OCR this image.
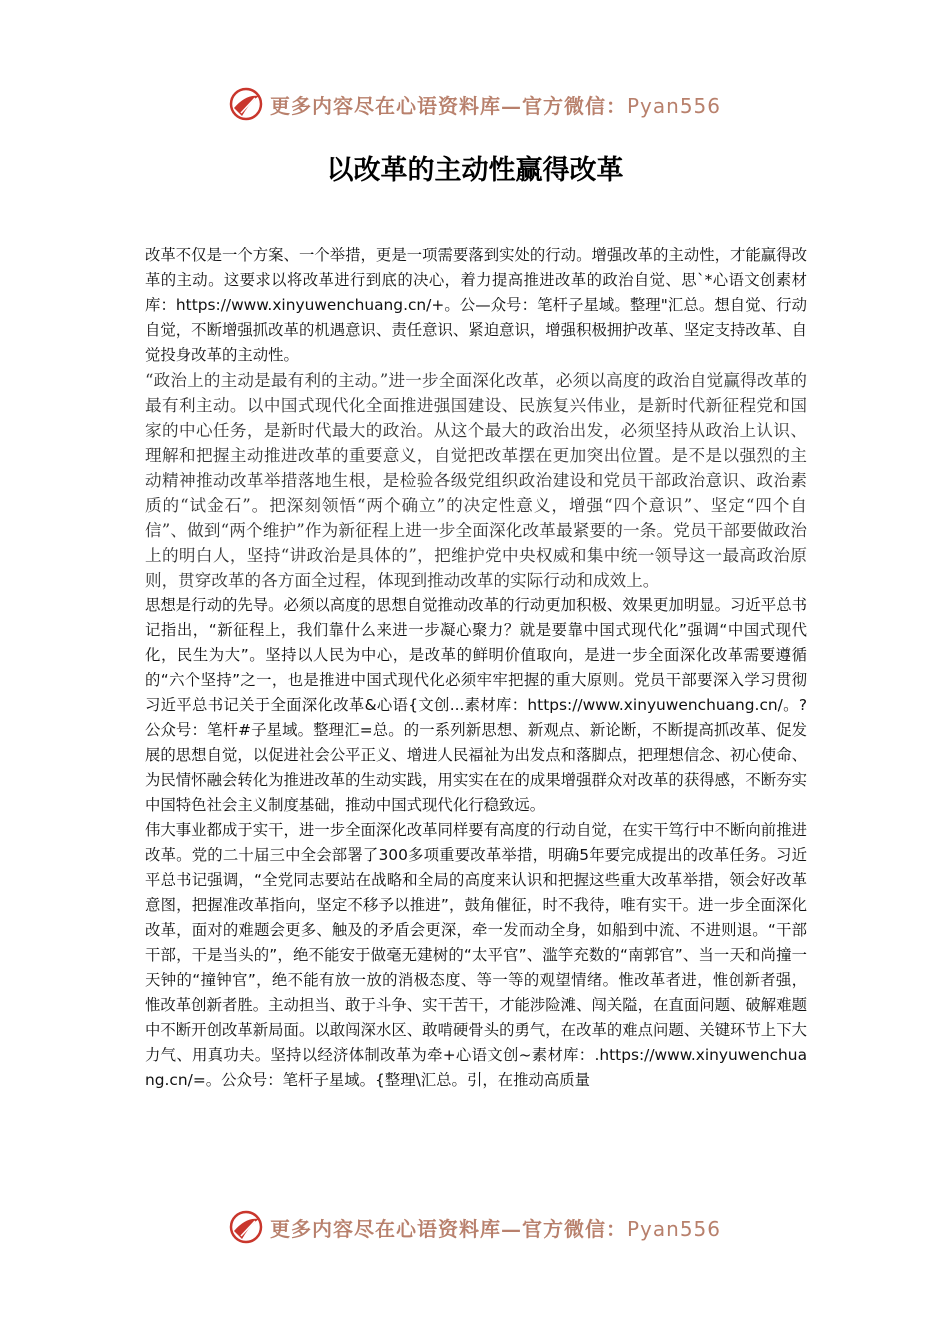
更多内容尽在心语资料库—官方微信：Pyan556
以改革的主动性赢得改革

改革不仅是一个方案、一个举措，更是一项需要落到实处的行动。增强改革的主动性，才能赢得改革的主动。这要求以将改革进行到底的决心，着力提高推进改革的政治自觉、思`*心语文创素材库：https://www.xinyuwenchuang.cn/+。公—众号：笔杆子星域。整理"汇总。想自觉、行动自觉，不断增强抓改革的机遇意识、责任意识、紧迫意识，增强积极拥护改革、坚定支持改革、自觉投身改革的主动性。

“政治上的主动是最有利的主动。”进一步全面深化改革，必须以高度的政治自觉赢得改革的最有利主动。以中国式现代化全面推进强国建设、民族复兴伟业，是新时代新征程党和国家的中心任务，是新时代最大的政治。从这个最大的政治出发，必须坚持从政治上认识、理解和把握主动推进改革的重要意义，自觉把改革摆在更加突出位置。是不是以强烈的主动精神推动改革举措落地生根，是检验各级党组织政治建设和党员干部政治意识、政治素质的“试金石”。把深刻领悟“两个确立”的决定性意义，增强“四个意识”、坚定“四个自信”、做到“两个维护”作为新征程上进一步全面深化改革最紧要的一条。党员干部要做政治上的明白人，坚持“讲政治是具体的”，把维护党中央权威和集中统一领导这一最高政治原则，贯穿改革的各方面全过程，体现到推动改革的实际行动和成效上。

思想是行动的先导。必须以高度的思想自觉推动改革的行动更加积极、效果更加明显。习近平总书记指出，“新征程上，我们靠什么来进一步凝心聚力？就是要靠中国式现代化”强调“中国式现代化，民生为大”。坚持以人民为中心，是改革的鲜明价值取向，是进一步全面深化改革需要遵循的“六个坚持”之一，也是推进中国式现代化必须牢牢把握的重大原则。党员干部要深入学习贯彻习近平总书记关于全面深化改革&心语{文创...素材库：https://www.xinyuwenchuang.cn/。?公众号：笔杆#子星域。整理汇=总。的一系列新思想、新观点、新论断，不断提高抓改革、促发展的思想自觉，以促进社会公平正义、增进人民福祉为出发点和落脚点，把理想信念、初心使命、为民情怀融会转化为推进改革的生动实践，用实实在在的成果增强群众对改革的获得感，不断夯实中国特色社会主义制度基础，推动中国式现代化行稳致远。

伟大事业都成于实干，进一步全面深化改革同样要有高度的行动自觉，在实干笃行中不断向前推进改革。党的二十届三中全会部署了300多项重要改革举措，明确5年要完成提出的改革任务。习近平总书记强调，“全党同志要站在战略和全局的高度来认识和把握这些重大改革举措，领会好改革意图，把握准改革指向，坚定不移予以推进”，鼓角催征，时不我待，唯有实干。进一步全面深化改革，面对的难题会更多、触及的矛盾会更深，牵一发而动全身，如船到中流、不进则退。“干部干部，干是当头的”，绝不能安于做毫无建树的“太平官”、滥竽充数的“南郭官”、当一天和尚撞一天钟的“撞钟官”，绝不能有放一放的消极态度、等一等的观望情绪。惟改革者进，惟创新者强，惟改革创新者胜。主动担当、敢于斗争、实干苦干，才能涉险滩、闯关隘，在直面问题、破解难题中不断开创改革新局面。以敢闯深水区、敢啃硬骨头的勇气，在改革的难点问题、关键环节上下大力气、用真功夫。坚持以经济体制改革为牵+心语文创~素材库：.https://www.xinyuwenchuang.cn/=。公众号：笔杆子星域。{整理\汇总。引，在推动高质量

更多内容尽在心语资料库—官方微信：Pyan556
